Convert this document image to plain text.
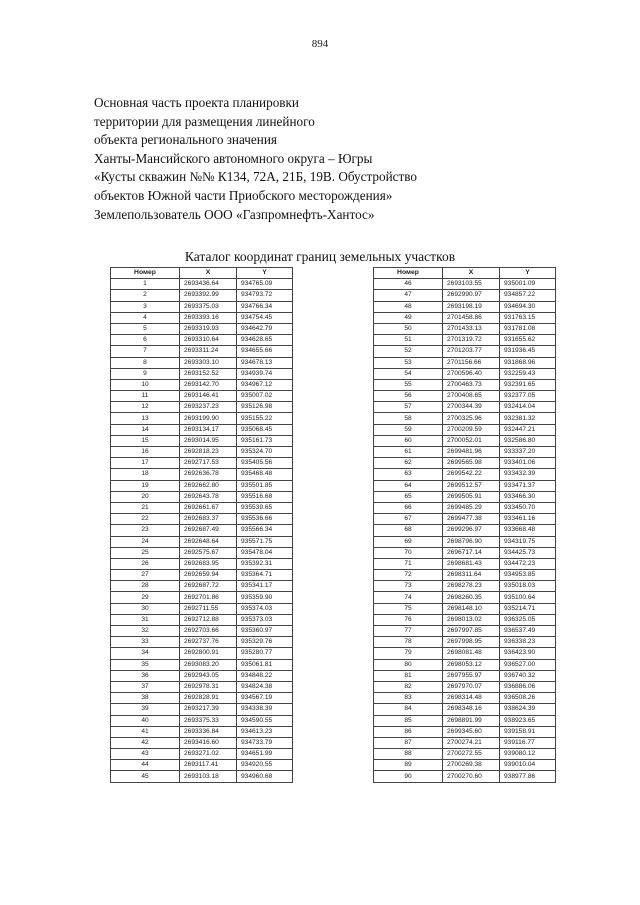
894
Основная часть проекта планировки
территории для размещения линейного
объекта регионального значения
Ханты-Мансийского автономного округа – Югры
«Кусты скважин №№ К134, 72А, 21Б, 19В. Обустройство
объектов Южной части Приобского месторождения»
Землепользователь ООО «Газпромнефть-Хантос»
Каталог координат границ земельных участков
Номер	X	Y
1	2693436.64	934765.09
2	2693392.99	934793.72
3	2693375.03	934766.34
4	2693393.16	934754.45
5	2693319.93	934642.79
6	2693310.64	934628.65
7	2693311.24	934655.66
8	2693303.10	934678.13
9	2693152.52	934939.74
10	2693142.70	934967.12
11	2693146.41	935007.02
12	2693237.23	935126.98
13	2693199.90	935155.22
14	2693134.17	935068.45
15	2693014.95	935161.73
16	2692818.23	935324.70
17	2692717.53	935405.56
18	2692636.78	935468.48
19	2692662.80	935501.85
20	2692643.78	935516.68
21	2692661.67	935539.65
22	2692683.37	935536.66
23	2692687.49	935566.34
24	2692648.64	935571.75
25	2692575.67	935478.04
26	2692683.95	935392.31
27	2692659.94	935364.71
28	2692687.72	935341.17
29	2692701.86	935359.90
30	2692711.55	935374.03
31	2692712.88	935373.03
32	2692703.66	935360.97
33	2692737.76	935329.76
34	2692800.91	935280.77
35	2693083.20	935061.81
36	2692943.05	934848.22
37	2692978.31	934824.38
38	2692828.91	934567.19
39	2693217.39	934338.39
40	2693375.33	934590.55
41	2693336.84	934613.23
42	2693416.60	934733.79
43	2693271.02	934651.99
44	2693117.41	934920.55
45	2693103.18	934960.68
Номер	X	Y
46	2693103.55	935001.09
47	2692990.97	934857.22
48	2693198.19	934694.30
49	2701458.86	931763.15
50	2701433.13	931781.08
51	2701319.72	931655.62
52	2701203.77	931936.45
53	2701156.66	931868.96
54	2700596.40	932259.43
55	2700463.73	932391.65
56	2700408.65	932377.05
57	2700344.39	932414.04
58	2700325.96	932381.32
59	2700209.59	932447.21
60	2700052.01	932586.80
61	2699481.96	933337.20
62	2699565.98	933401.06
63	2699542.22	933432.39
64	2699512.57	933471.37
65	2699505.91	933466.30
66	2699485.29	933450.70
67	2699477.38	933461.16
68	2699296.97	933668.48
69	2698796.90	934319.75
70	2696717.14	934425.73
71	2698681.43	934472.23
72	2698311.64	934953.85
73	2698278.23	935018.03
74	2698260.35	935100.64
75	2698148.10	935214.71
76	2698013.02	936325.05
77	2697997.85	936537.49
78	2697998.95	936338.23
79	2698081.48	936423.90
80	2698053.12	936527.00
81	2697955.97	936740.32
82	2697970.07	936886.06
83	2698314.48	936508.26
84	2698348.16	938624.39
85	2698891.99	938923.65
86	2699345.60	939158.91
87	2700274.21	939116.77
88	2700272.55	939080.12
89	2700269.38	939010.04
90	2700270.60	938977.86
